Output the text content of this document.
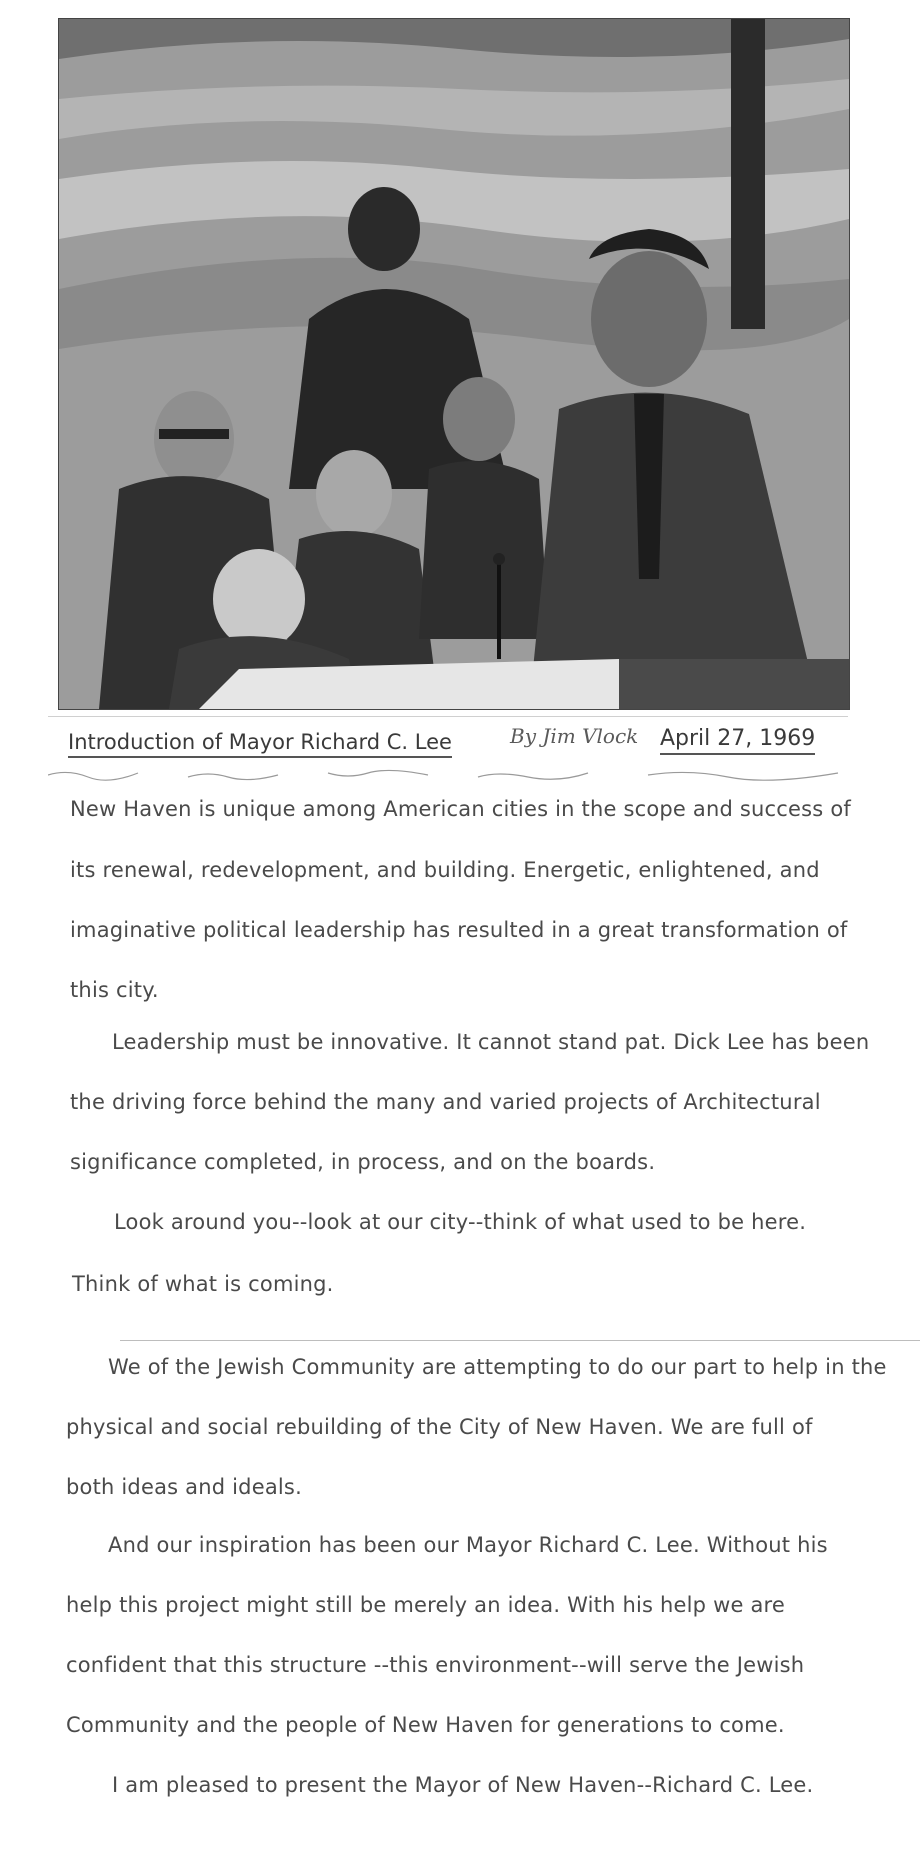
Introduction of Mayor Richard C. Lee	By Jim Vlock April 27, 1969
New Haven is unique among American cities in the scope and success of
its renewal, redevelopment, and building. Energetic, enlightened, and
imaginative political leadership has resulted in a great transformation of
this city.
Leadership must be innovative. It cannot stand pat. Dick Lee has been
the driving force behind the many and varied projects of Architectural
significance completed, in process, and on the boards.
Look around you--look at our city--think of what used to be here.
Think of what is coming.
We of the Jewish Community are attempting to do our part to help in the
physical and social rebuilding of the City of New Haven. We are full of
both ideas and ideals.
And our inspiration has been our Mayor Richard C. Lee. Without his
help this project might still be merely an idea. With his help we are
confident that this structure --this environment--will serve the Jewish
Community and the people of New Haven for generations to come.
I am pleased to present the Mayor of New Haven--Richard C. Lee.
